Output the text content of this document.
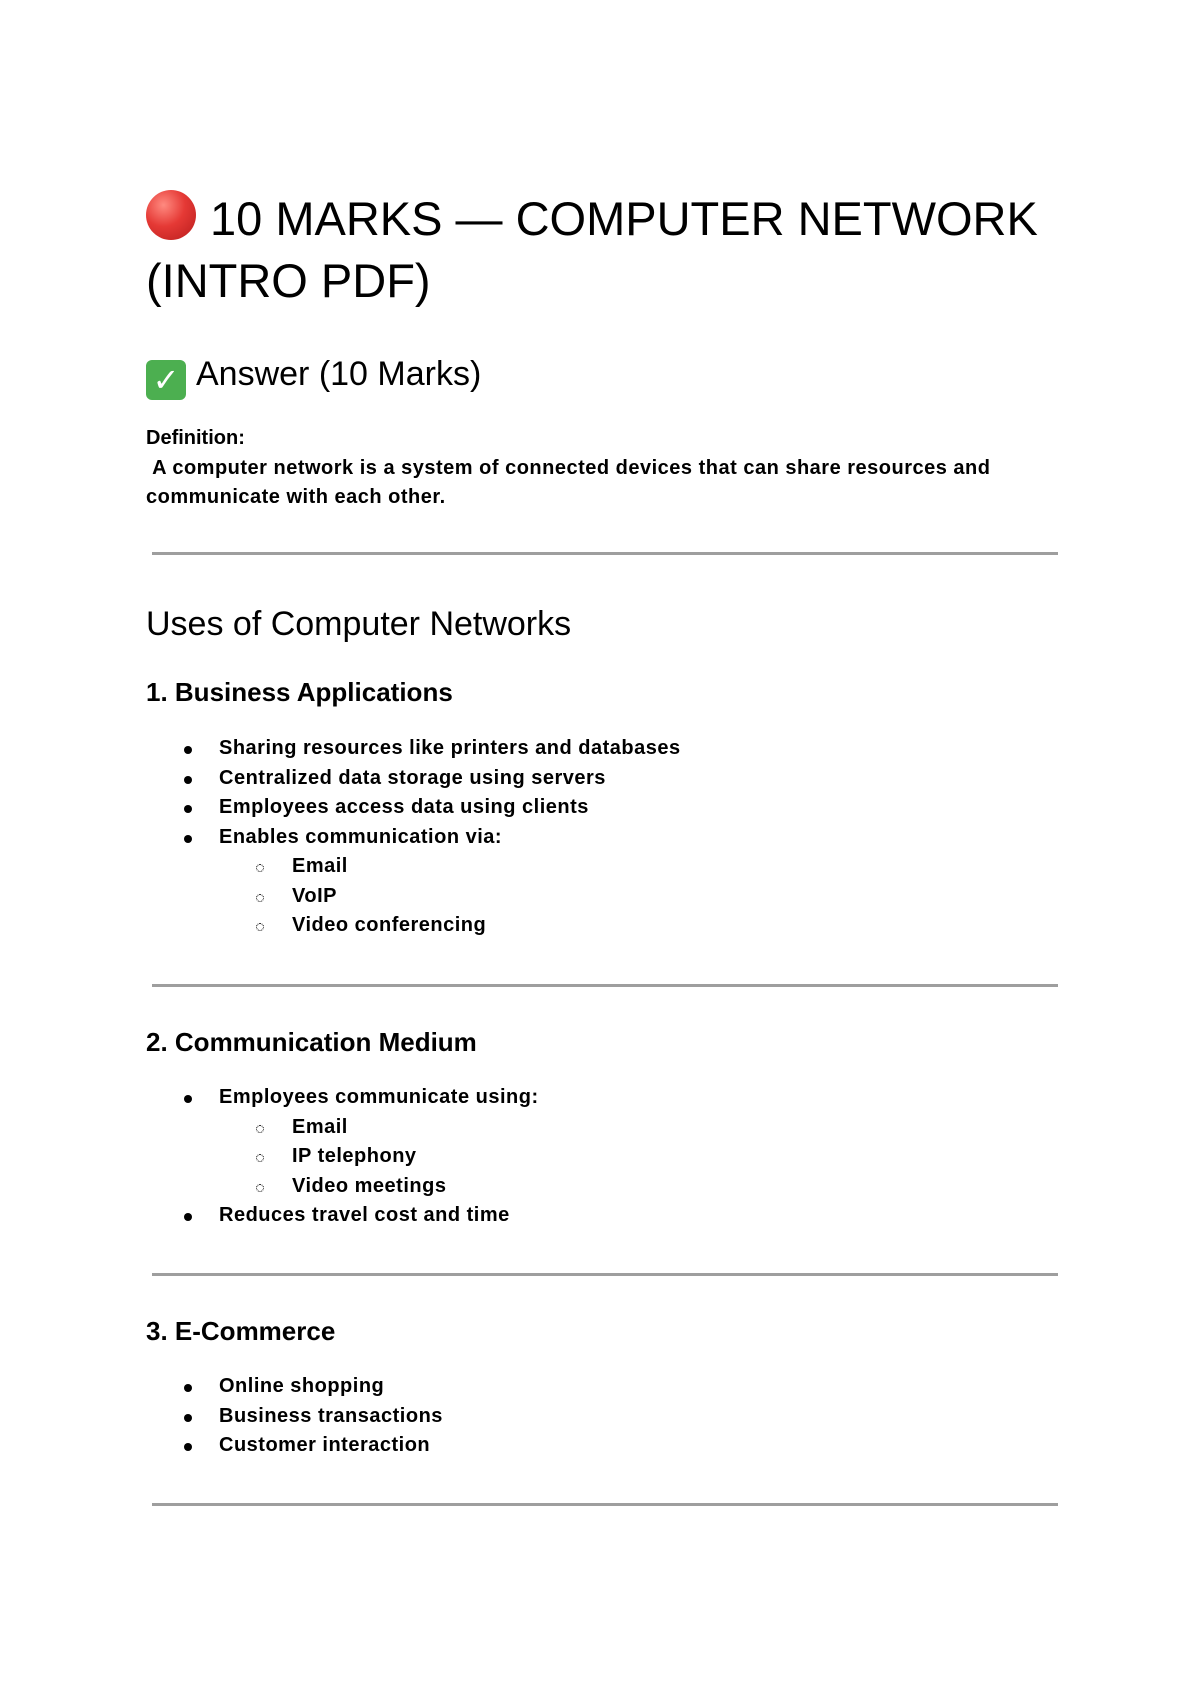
10 MARKS — COMPUTER NETWORK (INTRO PDF)
✓ Answer (10 Marks)
Definition:
A computer network is a system of connected devices that can share resources and communicate with each other.
Uses of Computer Networks
1. Business Applications
Sharing resources like printers and databases
Centralized data storage using servers
Employees access data using clients
Enables communication via:
Email
VoIP
Video conferencing
2. Communication Medium
Employees communicate using:
Email
IP telephony
Video meetings
Reduces travel cost and time
3. E-Commerce
Online shopping
Business transactions
Customer interaction
